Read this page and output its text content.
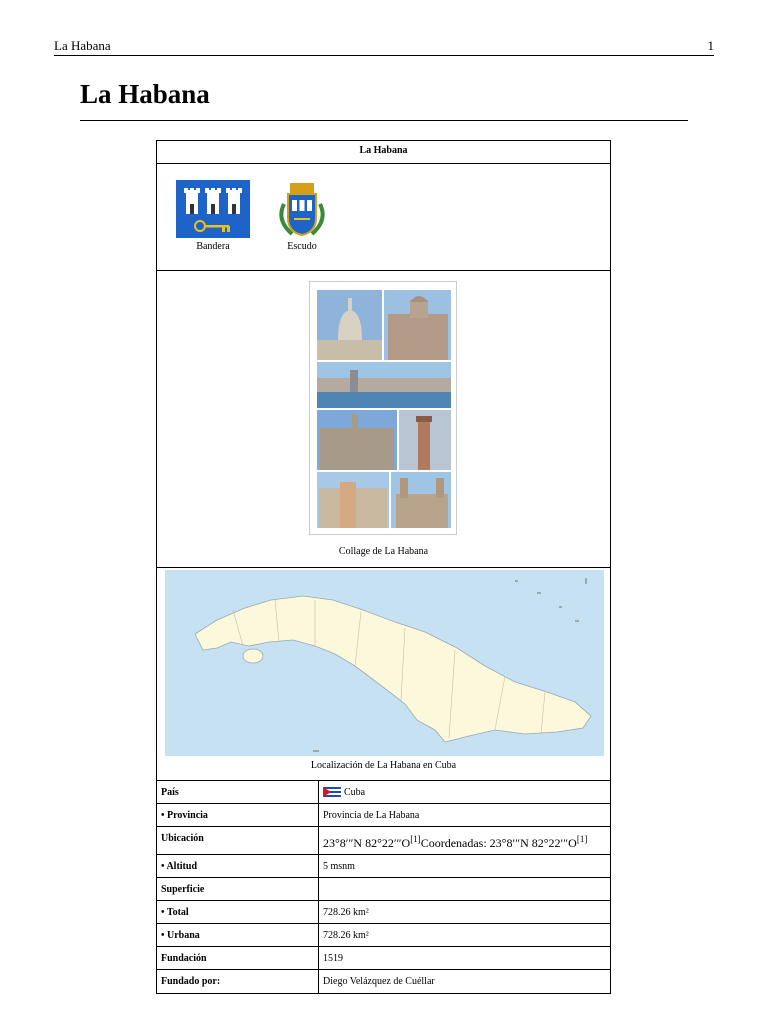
La Habana	1
La Habana
La Habana
Bandera	Escudo
Collage de La Habana
Localización de La Habana en Cuba
País	Cuba
• Provincia	Provincia de La Habana
Ubicación	23°8′″N 82°22′″O[1]Coordenadas: 23°8′″N 82°22′″O[1]
• Altitud	5 msnm
Superficie
• Total	728.26 km²
• Urbana	728.26 km²
Fundación	1519
Fundado por:	Diego Velázquez de Cuéllar
